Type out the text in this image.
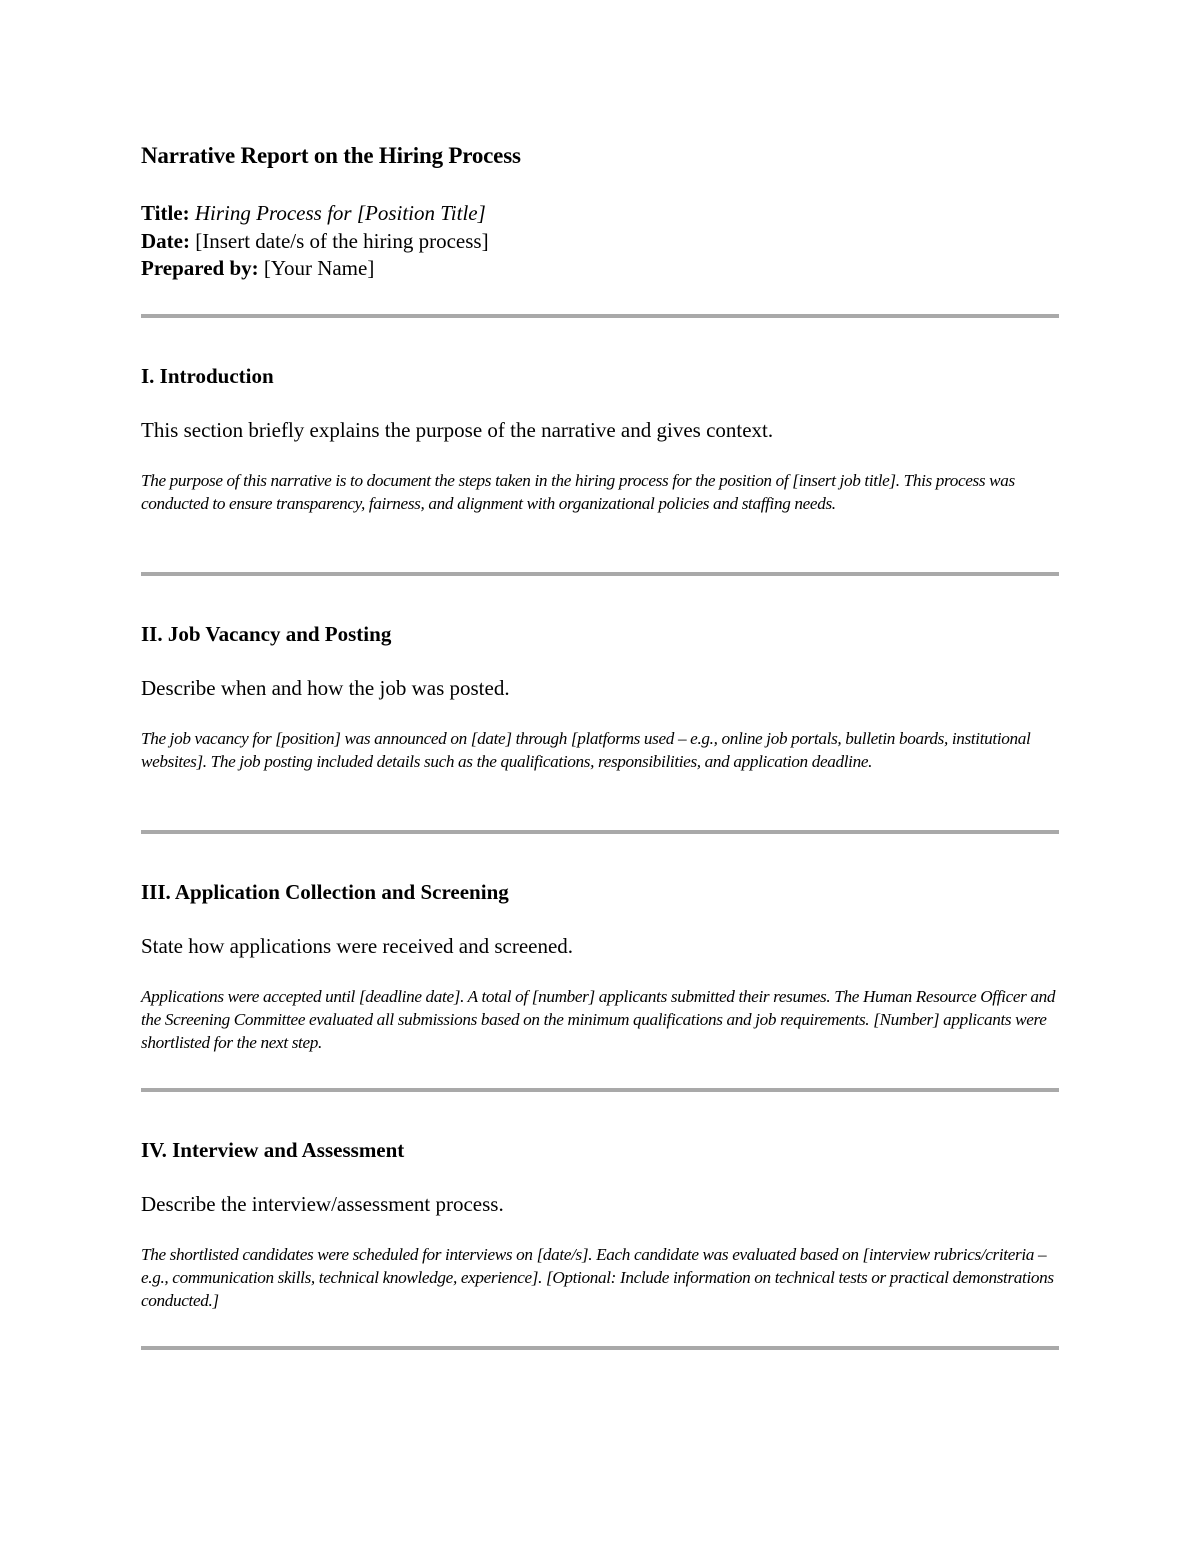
Narrative Report on the Hiring Process
Title: Hiring Process for [Position Title]
Date: [Insert date/s of the hiring process]
Prepared by: [Your Name]
I. Introduction

This section briefly explains the purpose of the narrative and gives context.

The purpose of this narrative is to document the steps taken in the hiring process for the position of [insert job title]. This process was conducted to ensure transparency, fairness, and alignment with organizational policies and staffing needs.

II. Job Vacancy and Posting

Describe when and how the job was posted.

The job vacancy for [position] was announced on [date] through [platforms used – e.g., online job portals, bulletin boards, institutional websites]. The job posting included details such as the qualifications, responsibilities, and application deadline.

III. Application Collection and Screening

State how applications were received and screened.

Applications were accepted until [deadline date]. A total of [number] applicants submitted their resumes. The Human Resource Officer and the Screening Committee evaluated all submissions based on the minimum qualifications and job requirements. [Number] applicants were shortlisted for the next step.

IV. Interview and Assessment

Describe the interview/assessment process.

The shortlisted candidates were scheduled for interviews on [date/s]. Each candidate was evaluated based on [interview rubrics/criteria – e.g., communication skills, technical knowledge, experience]. [Optional: Include information on technical tests or practical demonstrations conducted.]
